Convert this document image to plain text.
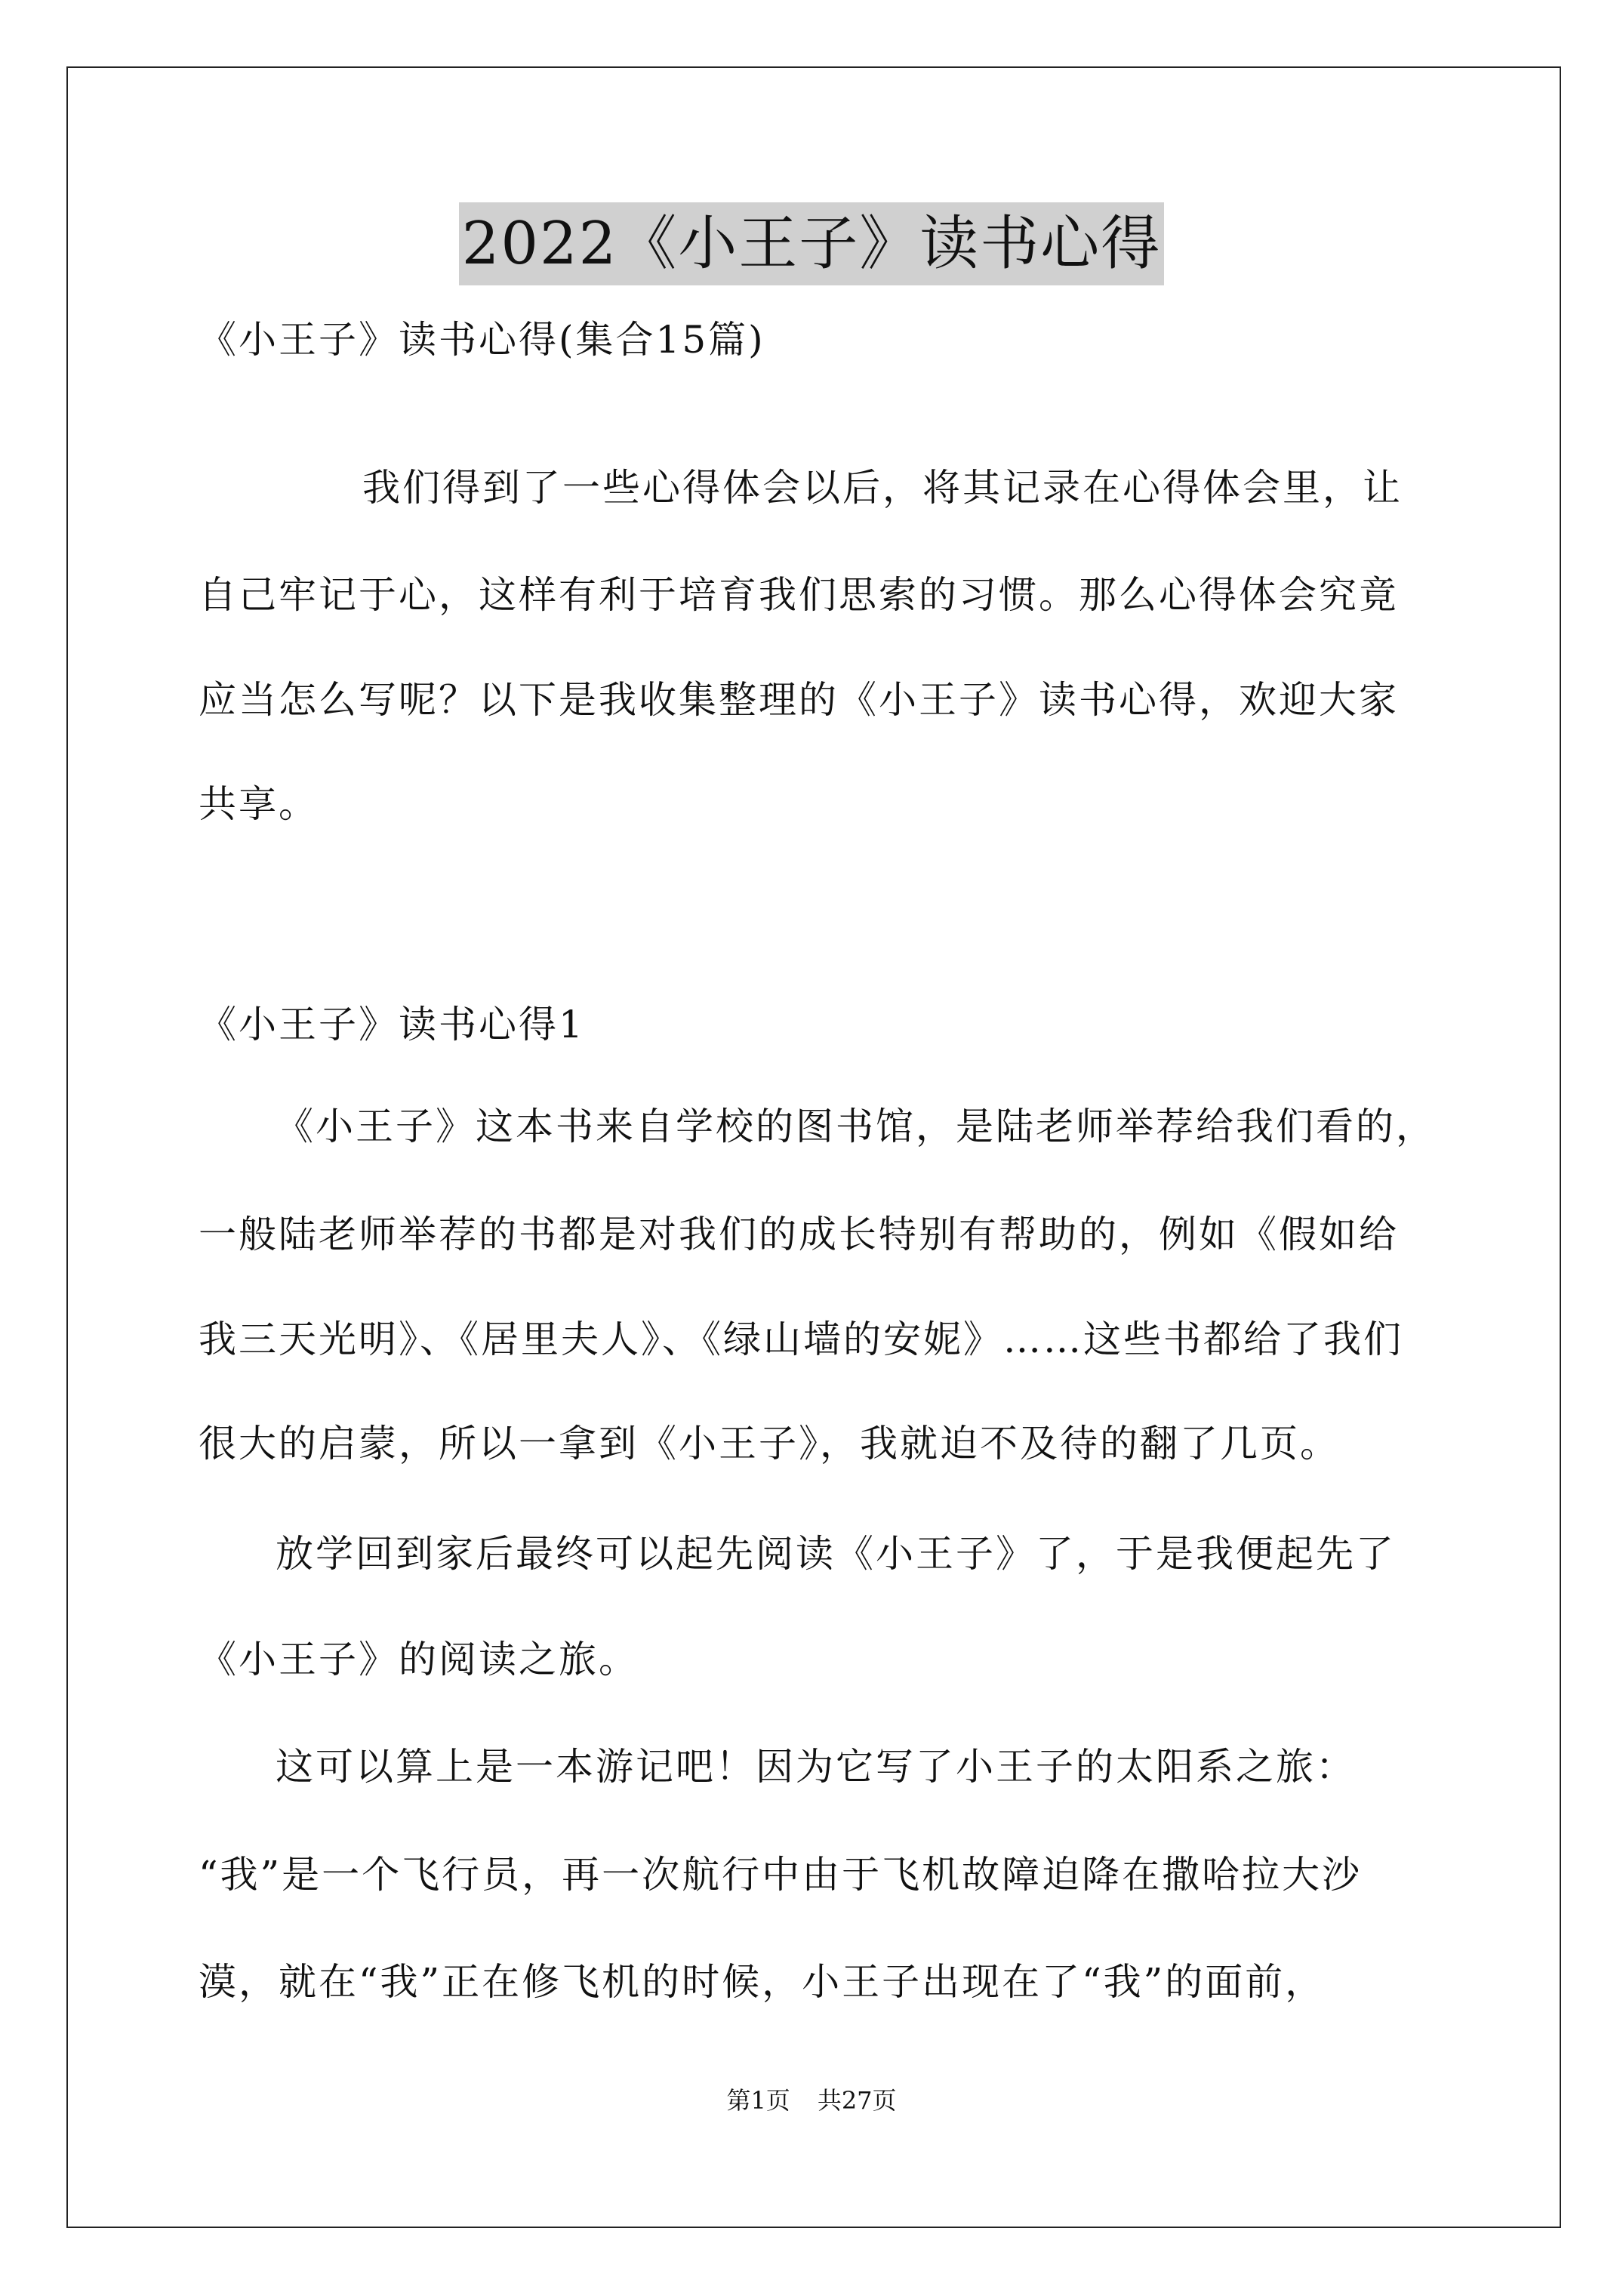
2022《小王子》读书心得
《小王子》读书心得(集合15篇)
我们得到了一些心得体会以后，将其记录在心得体会里，让
自己牢记于心，这样有利于培育我们思索的习惯。那么心得体会究竟
应当怎么写呢？以下是我收集整理的《小王子》读书心得，欢迎大家
共享。
《小王子》读书心得1
《小王子》这本书来自学校的图书馆，是陆老师举荐给我们看的，
一般陆老师举荐的书都是对我们的成长特别有帮助的，例如《假如给
我三天光明》、《居里夫人》、《绿山墙的安妮》……这些书都给了我们
很大的启蒙，所以一拿到《小王子》，我就迫不及待的翻了几页。
放学回到家后最终可以起先阅读《小王子》了，于是我便起先了
《小王子》的阅读之旅。
这可以算上是一本游记吧！因为它写了小王子的太阳系之旅：
“我”是一个飞行员，再一次航行中由于飞机故障迫降在撒哈拉大沙
漠，就在“我”正在修飞机的时候，小王子出现在了“我”的面前，
第1页 共27页
